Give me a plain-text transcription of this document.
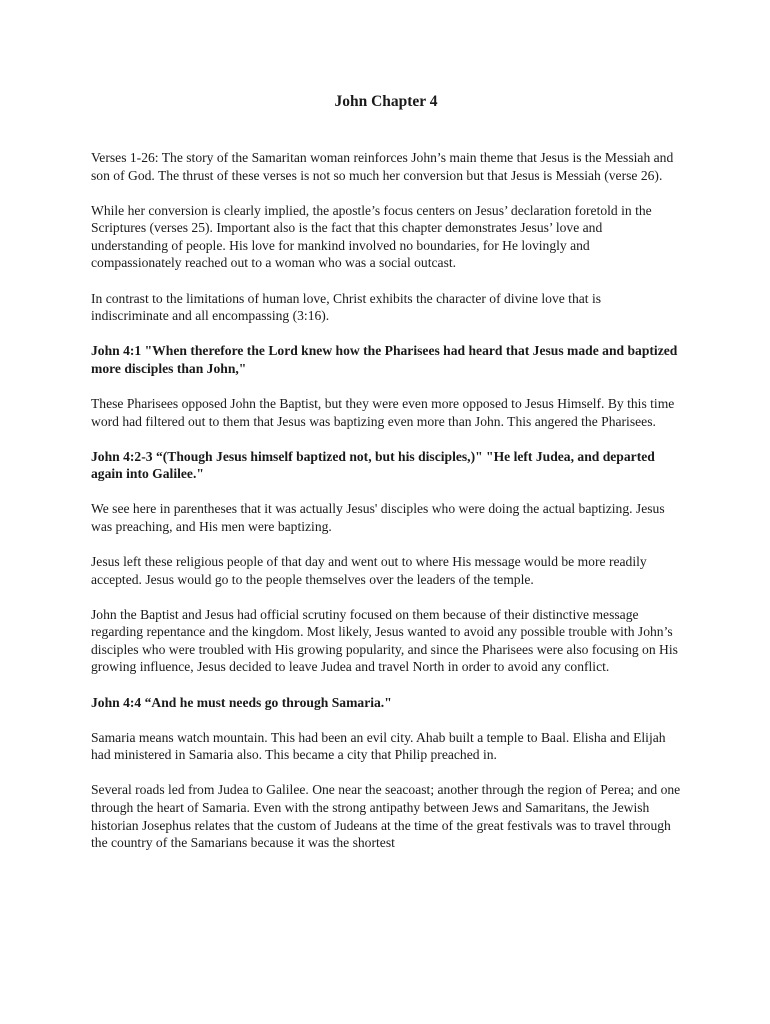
John Chapter 4

Verses 1-26: The story of the Samaritan woman reinforces John’s main theme that Jesus is the Messiah and son of God. The thrust of these verses is not so much her conversion but that Jesus is Messiah (verse 26).

While her conversion is clearly implied, the apostle’s focus centers on Jesus’ declaration foretold in the Scriptures (verses 25). Important also is the fact that this chapter demonstrates Jesus’ love and understanding of people. His love for mankind involved no boundaries, for He lovingly and compassionately reached out to a woman who was a social outcast.

In contrast to the limitations of human love, Christ exhibits the character of divine love that is indiscriminate and all encompassing (3:16).

John 4:1 "When therefore the Lord knew how the Pharisees had heard that Jesus made and baptized more disciples than John,"

These Pharisees opposed John the Baptist, but they were even more opposed to Jesus Himself. By this time word had filtered out to them that Jesus was baptizing even more than John. This angered the Pharisees.

John 4:2-3 “(Though Jesus himself baptized not, but his disciples,)" "He left Judea, and departed again into Galilee."

We see here in parentheses that it was actually Jesus' disciples who were doing the actual baptizing. Jesus was preaching, and His men were baptizing.

Jesus left these religious people of that day and went out to where His message would be more readily accepted. Jesus would go to the people themselves over the leaders of the temple.

John the Baptist and Jesus had official scrutiny focused on them because of their distinctive message regarding repentance and the kingdom. Most likely, Jesus wanted to avoid any possible trouble with John’s disciples who were troubled with His growing popularity, and since the Pharisees were also focusing on His growing influence, Jesus decided to leave Judea and travel North in order to avoid any conflict.

John 4:4 “And he must needs go through Samaria."

Samaria means watch mountain. This had been an evil city. Ahab built a temple to Baal. Elisha and Elijah had ministered in Samaria also. This became a city that Philip preached in.

Several roads led from Judea to Galilee. One near the seacoast; another through the region of Perea; and one through the heart of Samaria. Even with the strong antipathy between Jews and Samaritans, the Jewish historian Josephus relates that the custom of Judeans at the time of the great festivals was to travel through the country of the Samarians because it was the shortest
